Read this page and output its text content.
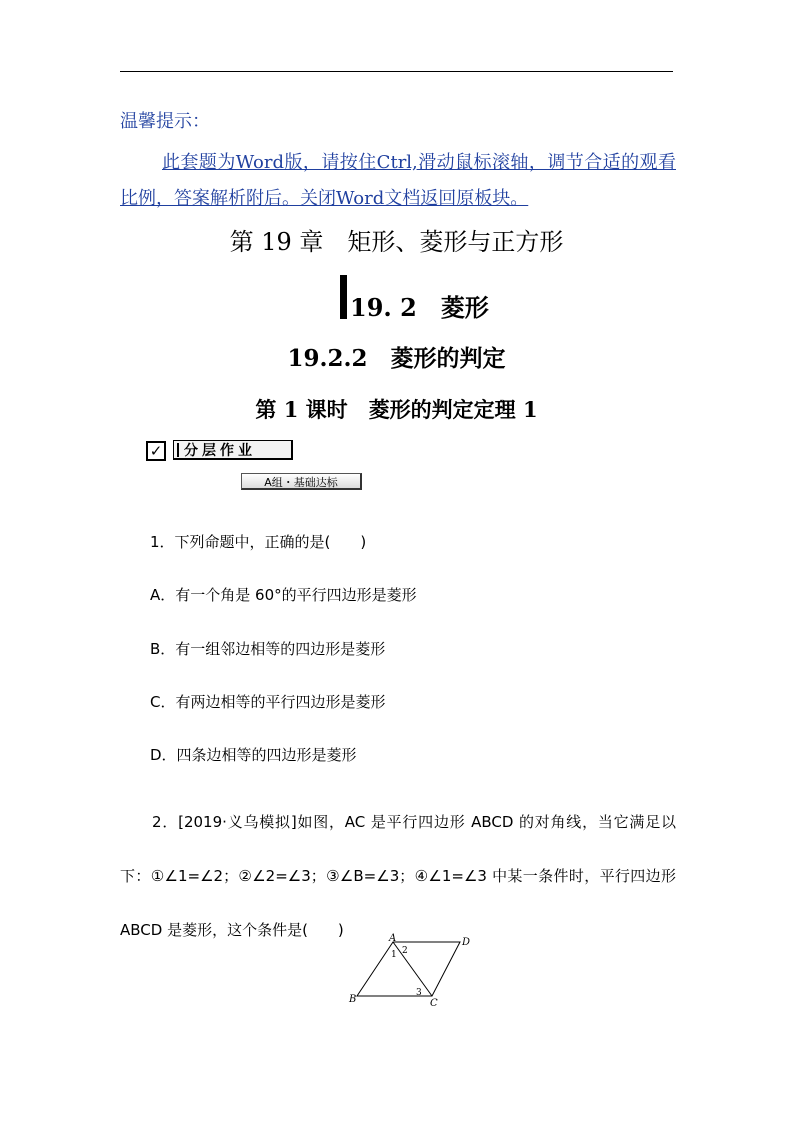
温馨提示：
此套题为Word版，请按住Ctrl,滑动鼠标滚轴，调节合适的观看比例，答案解析附后。关闭Word文档返回原板块。
第 19 章　矩形、菱形与正方形
19. 2　菱形
19.2.2　菱形的判定
第 1 课时　菱形的判定定理 1
✓	分层作业
A组・基础达标
1．下列命题中，正确的是(　　)
A．有一个角是 60°的平行四边形是菱形
B．有一组邻边相等的四边形是菱形
C．有两边相等的平行四边形是菱形
D．四条边相等的四边形是菱形
2．[2019·义乌模拟]如图，AC 是平行四边形 ABCD 的对角线，当它满足以下：①∠1=∠2；②∠2=∠3；③∠B=∠3；④∠1=∠3 中某一条件时，平行四边形 ABCD 是菱形，这个条件是(　　)	A	D
B	C
1 2
3
